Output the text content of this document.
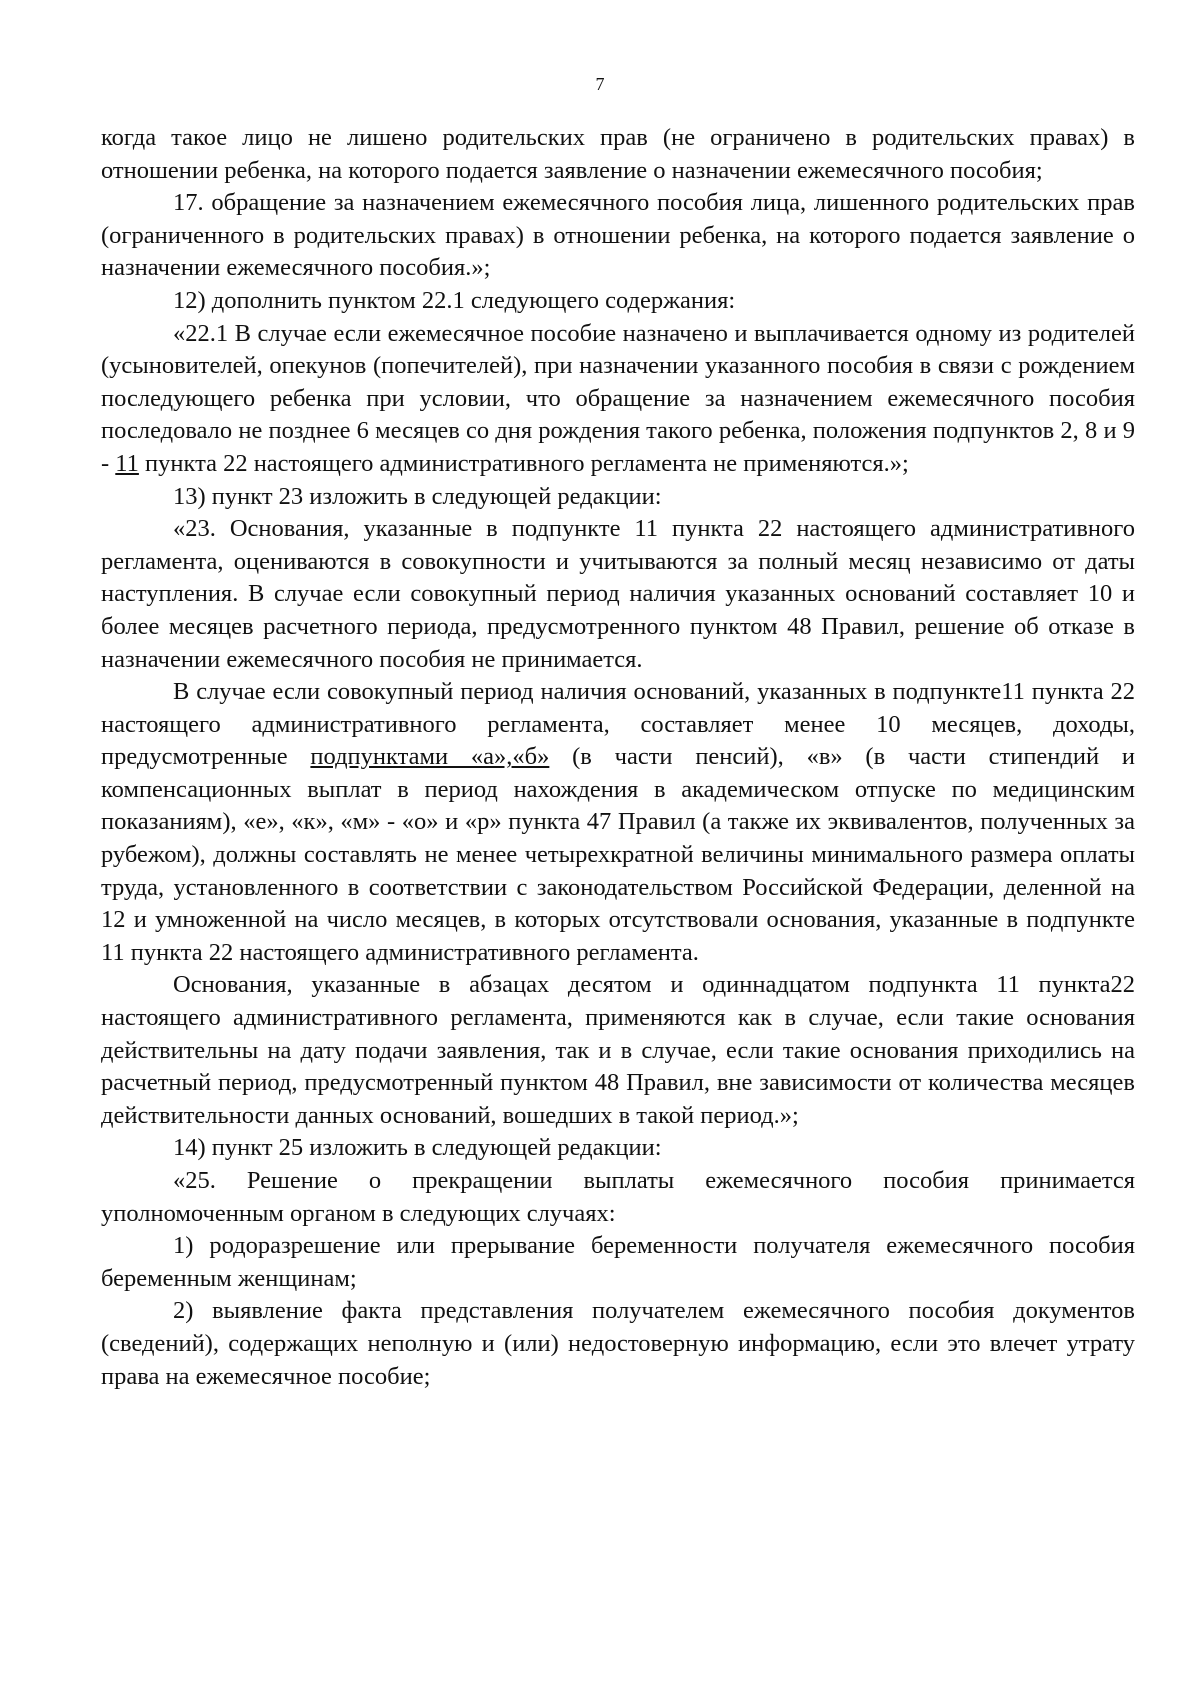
7

когда такое лицо не лишено родительских прав (не ограничено в родительских правах) в отношении ребенка, на которого подается заявление о назначении ежемесячного пособия;

17. обращение за назначением ежемесячного пособия лица, лишенного родительских прав (ограниченного в родительских правах) в отношении ребенка, на которого подается заявление о назначении ежемесячного пособия.»;

12) дополнить пунктом 22.1 следующего содержания:

«22.1 В случае если ежемесячное пособие назначено и выплачивается одному из родителей (усыновителей, опекунов (попечителей), при назначении указанного пособия в связи с рождением последующего ребенка при условии, что обращение за назначением ежемесячного пособия последовало не позднее 6 месяцев со дня рождения такого ребенка, положения подпунктов 2, 8 и 9 - 11 пункта 22 настоящего административного регламента не применяются.»;

13) пункт 23 изложить в следующей редакции:

«23. Основания, указанные в подпункте 11 пункта 22 настоящего административного регламента, оцениваются в совокупности и учитываются за полный месяц независимо от даты наступления. В случае если совокупный период наличия указанных оснований составляет 10 и более месяцев расчетного периода, предусмотренного пунктом 48 Правил, решение об отказе в назначении ежемесячного пособия не принимается.

В случае если совокупный период наличия оснований, указанных в подпункте11 пункта 22 настоящего административного регламента, составляет менее 10 месяцев, доходы, предусмотренные подпунктами «а»,«б» (в части пенсий), «в» (в части стипендий и компенсационных выплат в период нахождения в академическом отпуске по медицинским показаниям), «е», «к», «м» - «о» и «р» пункта 47 Правил (а также их эквивалентов, полученных за рубежом), должны составлять не менее четырехкратной величины минимального размера оплаты труда, установленного в соответствии с законодательством Российской Федерации, деленной на 12 и умноженной на число месяцев, в которых отсутствовали основания, указанные в подпункте 11 пункта 22 настоящего административного регламента.

Основания, указанные в абзацах десятом и одиннадцатом подпункта 11 пункта22 настоящего административного регламента, применяются как в случае, если такие основания действительны на дату подачи заявления, так и в случае, если такие основания приходились на расчетный период, предусмотренный пунктом 48 Правил, вне зависимости от количества месяцев действительности данных оснований, вошедших в такой период.»;

14) пункт 25 изложить в следующей редакции:

«25. Решение о прекращении выплаты ежемесячного пособия принимается уполномоченным органом в следующих случаях:

1) родоразрешение или прерывание беременности получателя ежемесячного пособия беременным женщинам;

2) выявление факта представления получателем ежемесячного пособия документов (сведений), содержащих неполную и (или) недостоверную информацию, если это влечет утрату права на ежемесячное пособие;
